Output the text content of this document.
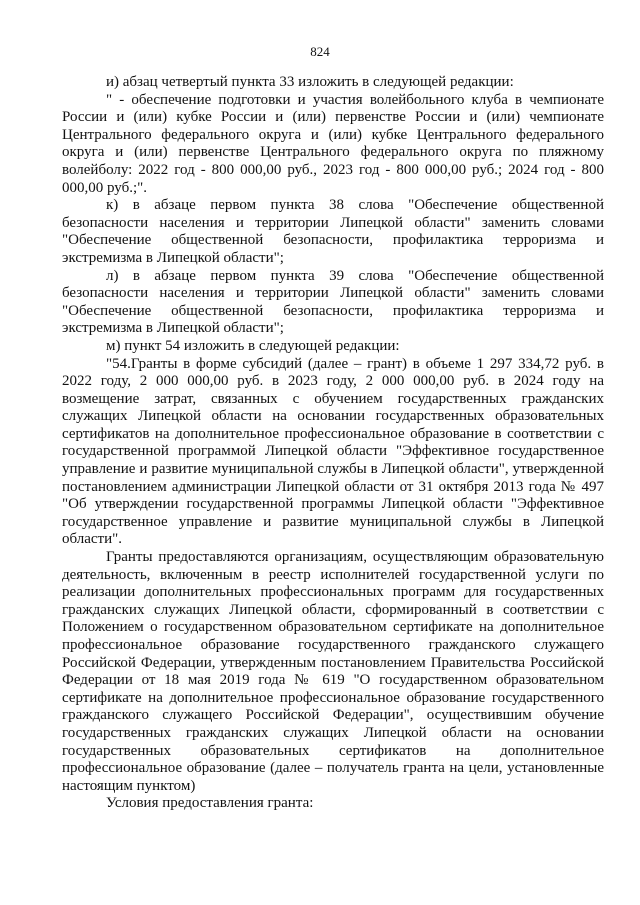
824

и) абзац четвертый пункта 33 изложить в следующей редакции:

" - обеспечение подготовки и участия волейбольного клуба в чемпионате России и (или) кубке России и (или) первенстве России и (или) чемпионате Центрального федерального округа и (или) кубке Центрального федерального округа и (или) первенстве Центрального федерального округа по пляжному волейболу: 2022 год - 800 000,00 руб., 2023 год - 800 000,00 руб.; 2024 год - 800 000,00 руб.;".

к) в абзаце первом пункта 38 слова "Обеспечение общественной безопасности населения и территории Липецкой области" заменить словами "Обеспечение общественной безопасности, профилактика терроризма и экстремизма в Липецкой области";

л) в абзаце первом пункта 39 слова "Обеспечение общественной безопасности населения и территории Липецкой области" заменить словами "Обеспечение общественной безопасности, профилактика терроризма и экстремизма в Липецкой области";

м) пункт 54 изложить в следующей редакции:

"54.Гранты в форме субсидий (далее – грант) в объеме 1 297 334,72 руб. в 2022 году, 2 000 000,00 руб. в 2023 году, 2 000 000,00 руб. в 2024 году на возмещение затрат, связанных с обучением государственных гражданских служащих Липецкой области на основании государственных образовательных сертификатов на дополнительное профессиональное образование в соответствии с государственной программой Липецкой области "Эффективное государственное управление и развитие муниципальной службы в Липецкой области", утвержденной постановлением администрации Липецкой области от 31 октября 2013 года № 497 "Об утверждении государственной программы Липецкой области "Эффективное государственное управление и развитие муниципальной службы в Липецкой области".

Гранты предоставляются организациям, осуществляющим образовательную деятельность, включенным в реестр исполнителей государственной услуги по реализации дополнительных профессиональных программ для государственных гражданских служащих Липецкой области, сформированный в соответствии с Положением о государственном образовательном сертификате на дополнительное профессиональное образование государственного гражданского служащего Российской Федерации, утвержденным постановлением Правительства Российской Федерации от 18 мая 2019 года № 619 "О государственном образовательном сертификате на дополнительное профессиональное образование государственного гражданского служащего Российской Федерации", осуществившим обучение государственных гражданских служащих Липецкой области на основании государственных образовательных сертификатов на дополнительное профессиональное образование (далее – получатель гранта на цели, установленные настоящим пунктом)

Условия предоставления гранта:
